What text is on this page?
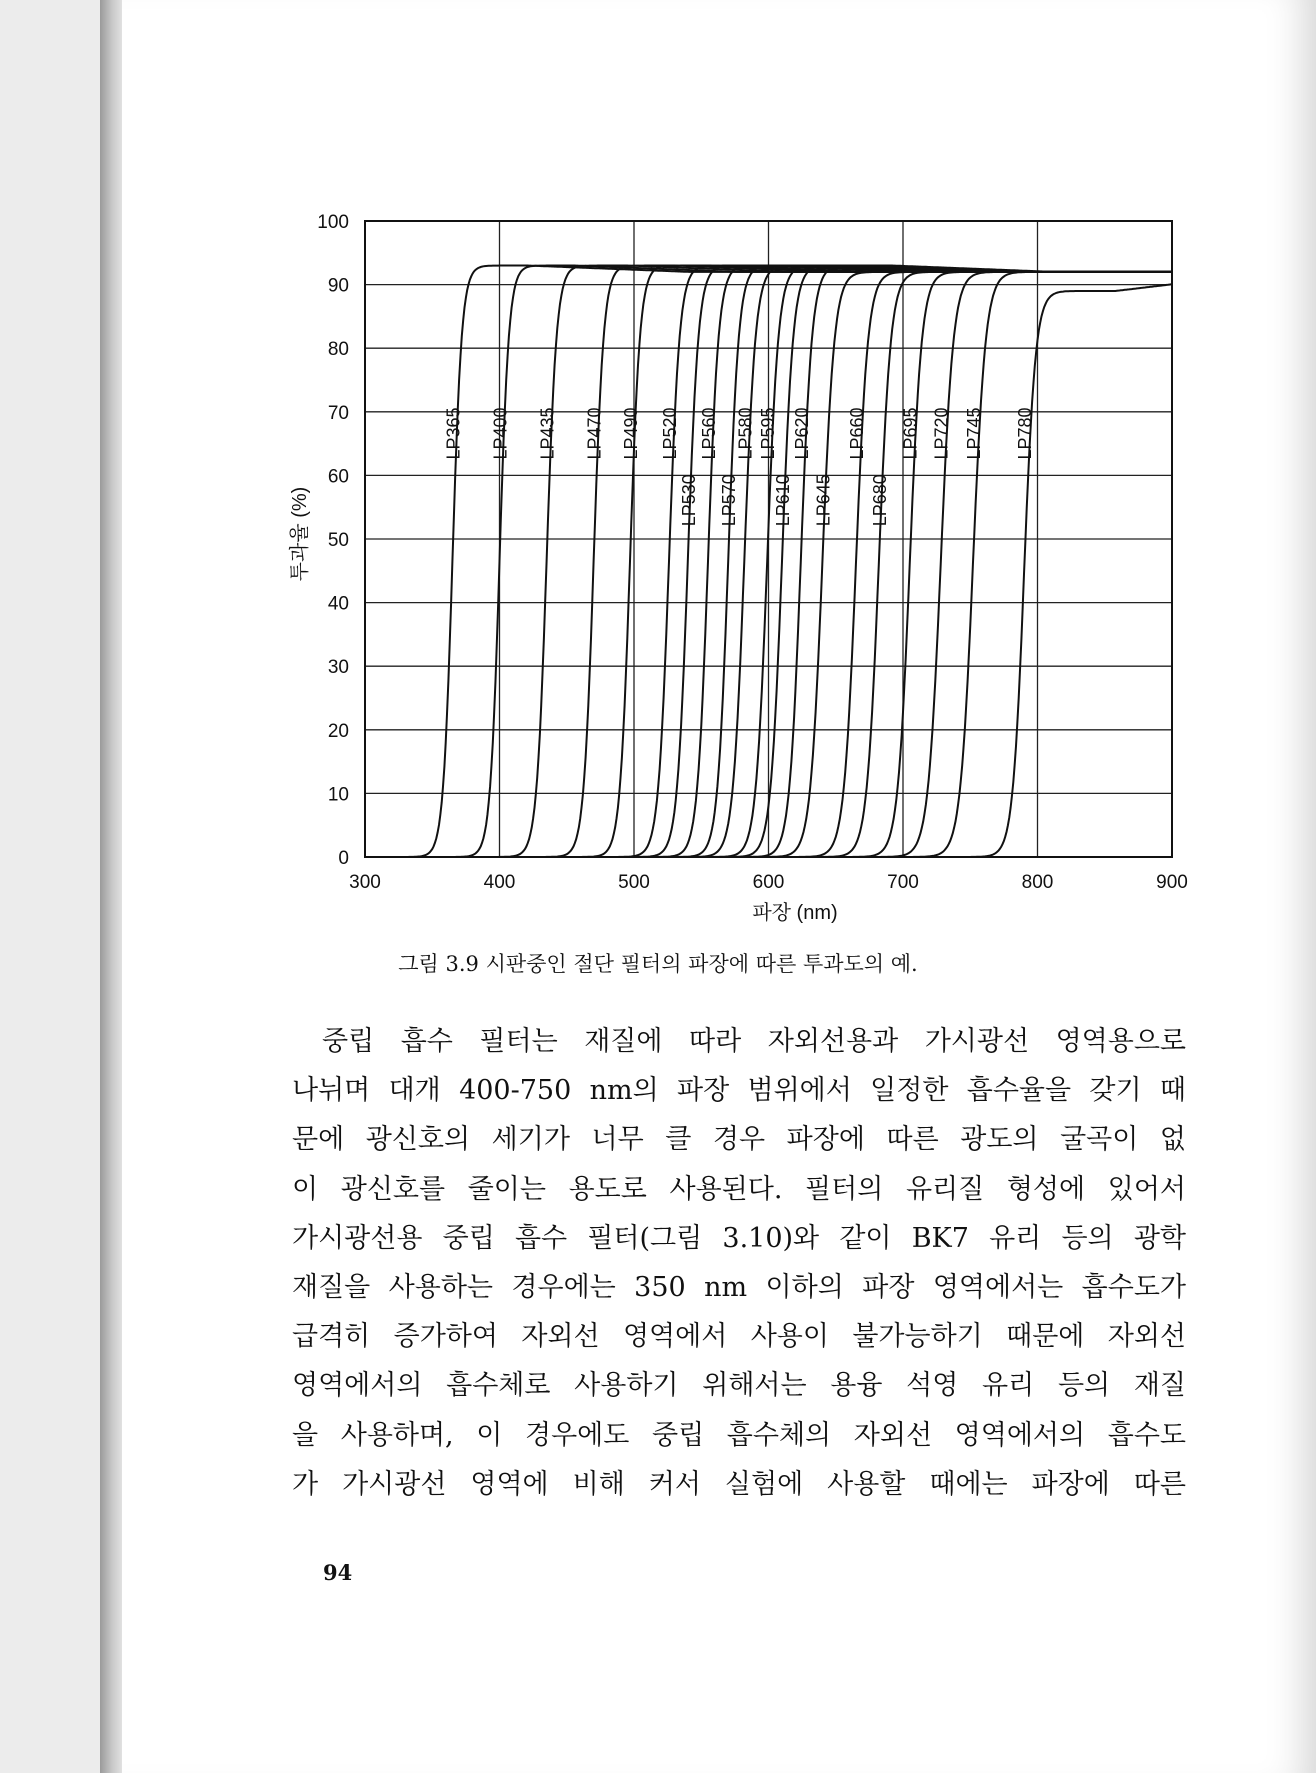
LP365 LP400 LP435 LP470 LP490 LP520
LP530
LP560
LP570
LP580 LP595
LP610
LP620
LP645
LP660
LP680
LP695 LP720 LP745 LP780
0
10
20
30
40
50
60
70
80
90
100
300	400	500	600	700	800	900
파장 (nm)
투과율 (%)
그림 3.9 시판중인 절단 필터의 파장에 따른 투과도의 예.
중립 흡수 필터는 재질에 따라 자외선용과 가시광선 영역용으로
나뉘며 대개 400-750 nm의 파장 범위에서 일정한 흡수율을 갖기 때
문에 광신호의 세기가 너무 클 경우 파장에 따른 광도의 굴곡이 없
이 광신호를 줄이는 용도로 사용된다. 필터의 유리질 형성에 있어서
가시광선용 중립 흡수 필터(그림 3.10)와 같이 BK7 유리 등의 광학
재질을 사용하는 경우에는 350 nm 이하의 파장 영역에서는 흡수도가
급격히 증가하여 자외선 영역에서 사용이 불가능하기 때문에 자외선
영역에서의 흡수체로 사용하기 위해서는 용융 석영 유리 등의 재질
을 사용하며, 이 경우에도 중립 흡수체의 자외선 영역에서의 흡수도
가 가시광선 영역에 비해 커서 실험에 사용할 때에는 파장에 따른
94
